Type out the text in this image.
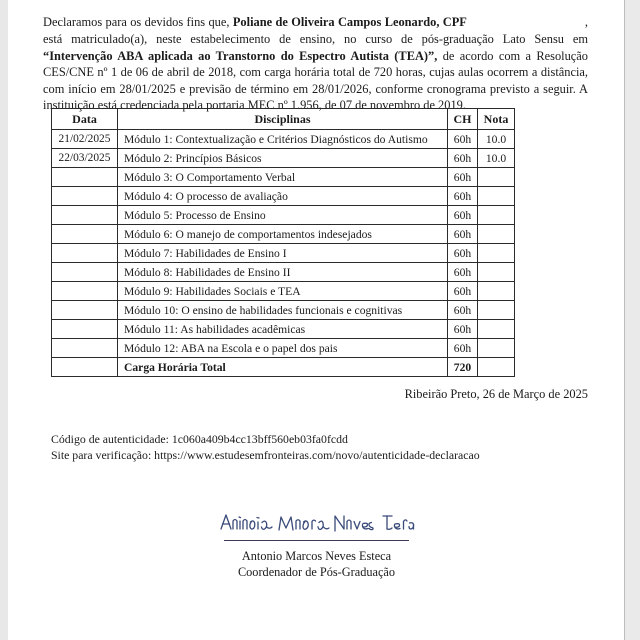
Declaramos para os devidos fins que, Poliane de Oliveira Campos Leonardo, CPF	, está matriculado(a), neste estabelecimento de ensino, no curso de pós-graduação Lato Sensu em “Intervenção ABA aplicada ao Transtorno do Espectro Autista (TEA)”, de acordo com a Resolução CES/CNE nº 1 de 06 de abril de 2018, com carga horária total de 720 horas, cujas aulas ocorrem a distância, com início em 28/01/2025 e previsão de término em 28/01/2026, conforme cronograma previsto a seguir. A instituição está credenciada pela portaria MEC nº 1.956, de 07 de novembro de 2019.

Data	Disciplinas	CH	Nota
21/02/2025	Módulo 1: Contextualização e Critérios Diagnósticos do Autismo	60h	10.0
22/03/2025	Módulo 2: Princípios Básicos	60h	10.0
	Módulo 3: O Comportamento Verbal	60h	
	Módulo 4: O processo de avaliação	60h	
	Módulo 5: Processo de Ensino	60h	
	Módulo 6: O manejo de comportamentos indesejados	60h	
	Módulo 7: Habilidades de Ensino I	60h	
	Módulo 8: Habilidades de Ensino II	60h	
	Módulo 9: Habilidades Sociais e TEA	60h	
	Módulo 10: O ensino de habilidades funcionais e cognitivas	60h	
	Módulo 11: As habilidades acadêmicas	60h	
	Módulo 12: ABA na Escola e o papel dos pais	60h	
	Carga Horária Total	720	
Ribeirão Preto, 26 de Março de 2025
Código de autenticidade: 1c060a409b4cc13bff560eb03fa0fcdd
Site para verificação: https://www.estudesemfronteiras.com/novo/autenticidade-declaracao
Antonio Marcos Neves Esteca
Coordenador de Pós-Graduação
